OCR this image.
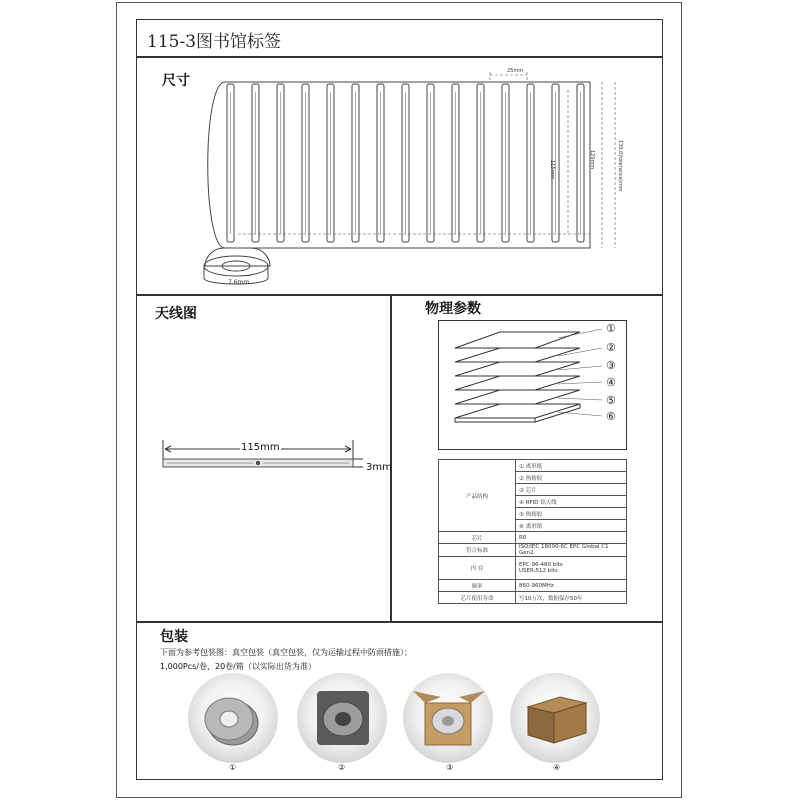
115-3图书馆标签
尺寸
7.6mm
25mm
115mm
120mm	130.0(tolerance)mm
天线图
115mm
3mm
物理参数
①
②
③
④
⑤
⑥
产品结构	① 离形纸
	② 热熔胶
	③ 芯片
	④ RFID 铝天线
	⑤ 热熔胶
	⑥ 离形纸
芯片	R6
符合标准	ISO/IEC 18000-6C EPC Global C1 Gen2
内 存	EPC:96-480 bits
USER:512 bits
频率	860-960MHz
芯片使用寿命	写10万次，数据保存50年
包装
下面为参考包装图：真空包装（真空包装，仅为运输过程中防雨措施）；
1,000Pcs/卷，20卷/箱（以实际出货为准）
①	②	③	④
